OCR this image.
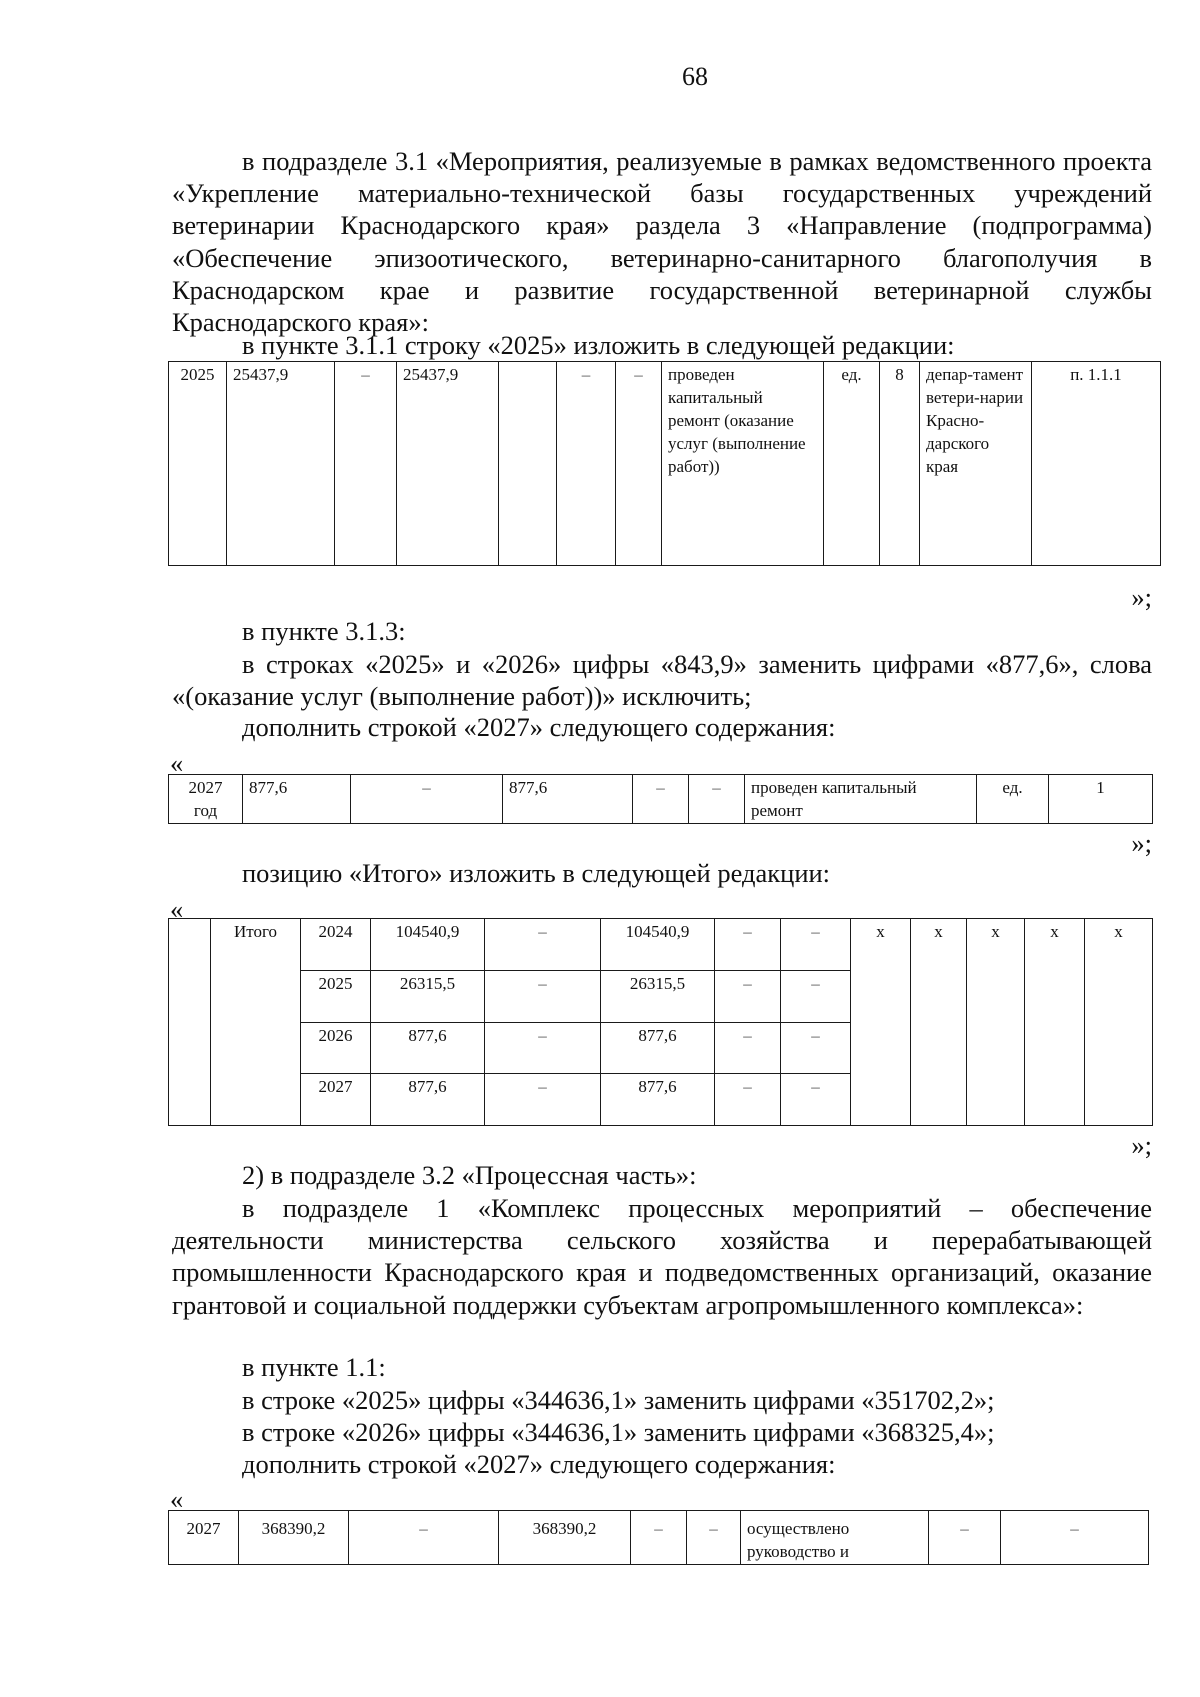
68
в подразделе 3.1 «Мероприятия, реализуемые в рамках ведомственного проекта «Укрепление материально-технической базы государственных учреждений ветеринарии Краснодарского края» раздела 3 «Направление (подпрограмма) «Обеспечение эпизоотического, ветеринарно-санитарного благополучия в Краснодарском крае и развитие государственной ветеринарной службы Краснодарского края»:
в пункте 3.1.1 строку «2025» изложить в следующей редакции:
2025	25437,9	–	25437,9		–	–	проведен капитальный ремонт (оказание услуг (выполнение работ))	ед.	8	депар-тамент ветери-нарии Красно-дарского края	п. 1.1.1
»;
в пункте 3.1.3:
в строках «2025» и «2026» цифры «843,9» заменить цифрами «877,6», слова «(оказание услуг (выполнение работ))» исключить;
дополнить строкой «2027» следующего содержания:
«
2027 год	877,6	–	877,6	–	–	проведен капитальный ремонт	ед.	1
»;
позицию «Итого» изложить в следующей редакции:
«
	Итого	2024	104540,9	–	104540,9	–	–	x	x	x	x	x
		2025	26315,5	–	26315,5	–	–					
		2026	877,6	–	877,6	–	–					
		2027	877,6	–	877,6	–	–					
»;
2) в подразделе 3.2 «Процессная часть»:
в подразделе 1 «Комплекс процессных мероприятий – обеспечение деятельности министерства сельского хозяйства и перерабатывающей промышленности Краснодарского края и подведомственных организаций, оказание грантовой и социальной поддержки субъектам агропромышленного комплекса»:
в пункте 1.1:
в строке «2025» цифры «344636,1» заменить цифрами «351702,2»;
в строке «2026» цифры «344636,1» заменить цифрами «368325,4»;
дополнить строкой «2027» следующего содержания:
«
2027	368390,2	–	368390,2	–	–	осуществлено руководство и	–	–
